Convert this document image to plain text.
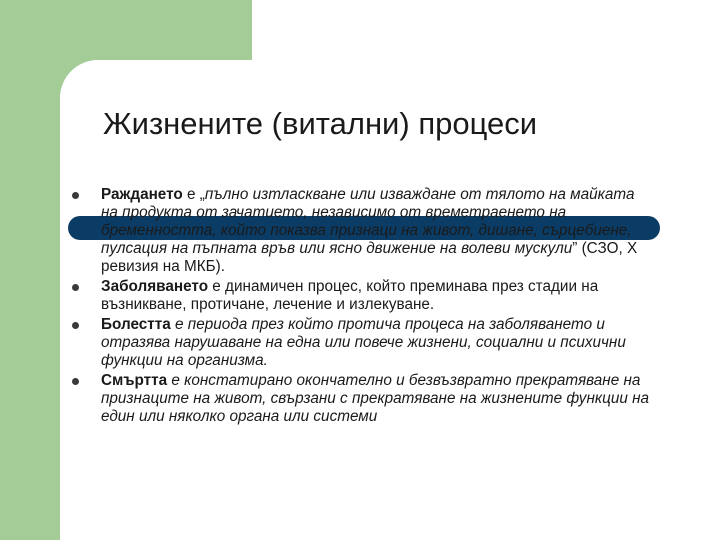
Жизнените (витални) процеси
Раждането е „пълно изтласкване или изваждане от тялото на майката на продукта от зачатието, независимо от времетраенето на бременността, който показва признаци на живот, дишане, сърцебиене, пулсация на пъпната връв или ясно движение на волеви мускули” (СЗО, Х ревизия на МКБ).
Заболяването е динамичен процес, който преминава през стадии на възникване, протичане, лечение и излекуване.
Болестта е периода през който протича процеса на заболяването и отразява нарушаване на една или повече жизнени, социални и психични функции на организма.
Смъртта е констатирано окончателно и безвъзвратно прекратяване на признаците на живот, свързани с прекратяване на жизнените функции на един или няколко органа или системи
